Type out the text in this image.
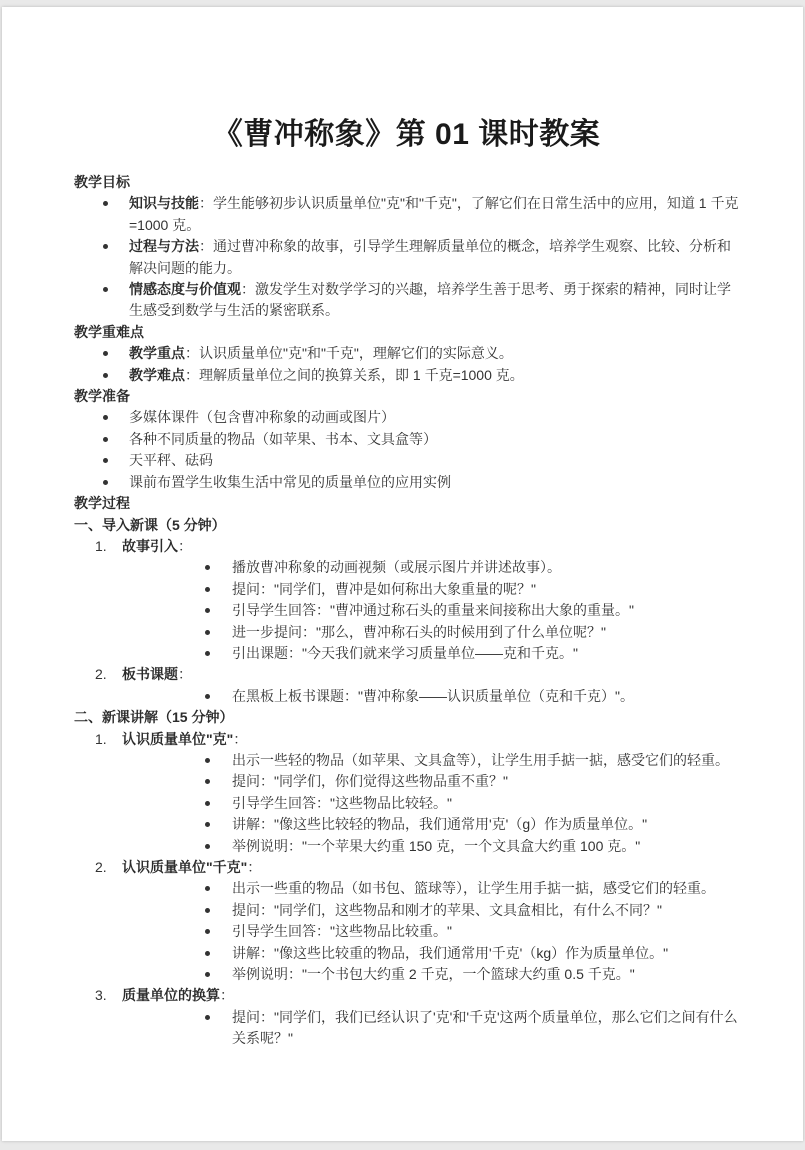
《曹冲称象》第 01 课时教案
教学目标
知识与技能：学生能够初步认识质量单位"克"和"千克"，了解它们在日常生活中的应用，知道 1 千克=1000 克。
过程与方法：通过曹冲称象的故事，引导学生理解质量单位的概念，培养学生观察、比较、分析和解决问题的能力。
情感态度与价值观：激发学生对数学学习的兴趣，培养学生善于思考、勇于探索的精神，同时让学生感受到数学与生活的紧密联系。
教学重难点
教学重点：认识质量单位"克"和"千克"，理解它们的实际意义。
教学难点：理解质量单位之间的换算关系，即 1 千克=1000 克。
教学准备
多媒体课件（包含曹冲称象的动画或图片）
各种不同质量的物品（如苹果、书本、文具盒等）
天平秤、砝码
课前布置学生收集生活中常见的质量单位的应用实例
教学过程
一、导入新课（5 分钟）
1. 故事引入：
播放曹冲称象的动画视频（或展示图片并讲述故事）。
提问："同学们，曹冲是如何称出大象重量的呢？"
引导学生回答："曹冲通过称石头的重量来间接称出大象的重量。"
进一步提问："那么，曹冲称石头的时候用到了什么单位呢？"
引出课题："今天我们就来学习质量单位——克和千克。"
2. 板书课题：
在黑板上板书课题："曹冲称象——认识质量单位（克和千克）"。
二、新课讲解（15 分钟）
1. 认识质量单位"克"：
出示一些轻的物品（如苹果、文具盒等），让学生用手掂一掂，感受它们的轻重。
提问："同学们，你们觉得这些物品重不重？"
引导学生回答："这些物品比较轻。"
讲解："像这些比较轻的物品，我们通常用'克'（g）作为质量单位。"
举例说明："一个苹果大约重 150 克，一个文具盒大约重 100 克。"
2. 认识质量单位"千克"：
出示一些重的物品（如书包、篮球等），让学生用手掂一掂，感受它们的轻重。
提问："同学们，这些物品和刚才的苹果、文具盒相比，有什么不同？"
引导学生回答："这些物品比较重。"
讲解："像这些比较重的物品，我们通常用'千克'（kg）作为质量单位。"
举例说明："一个书包大约重 2 千克，一个篮球大约重 0.5 千克。"
3. 质量单位的换算：
提问："同学们，我们已经认识了'克'和'千克'这两个质量单位，那么它们之间有什么关系呢？"
